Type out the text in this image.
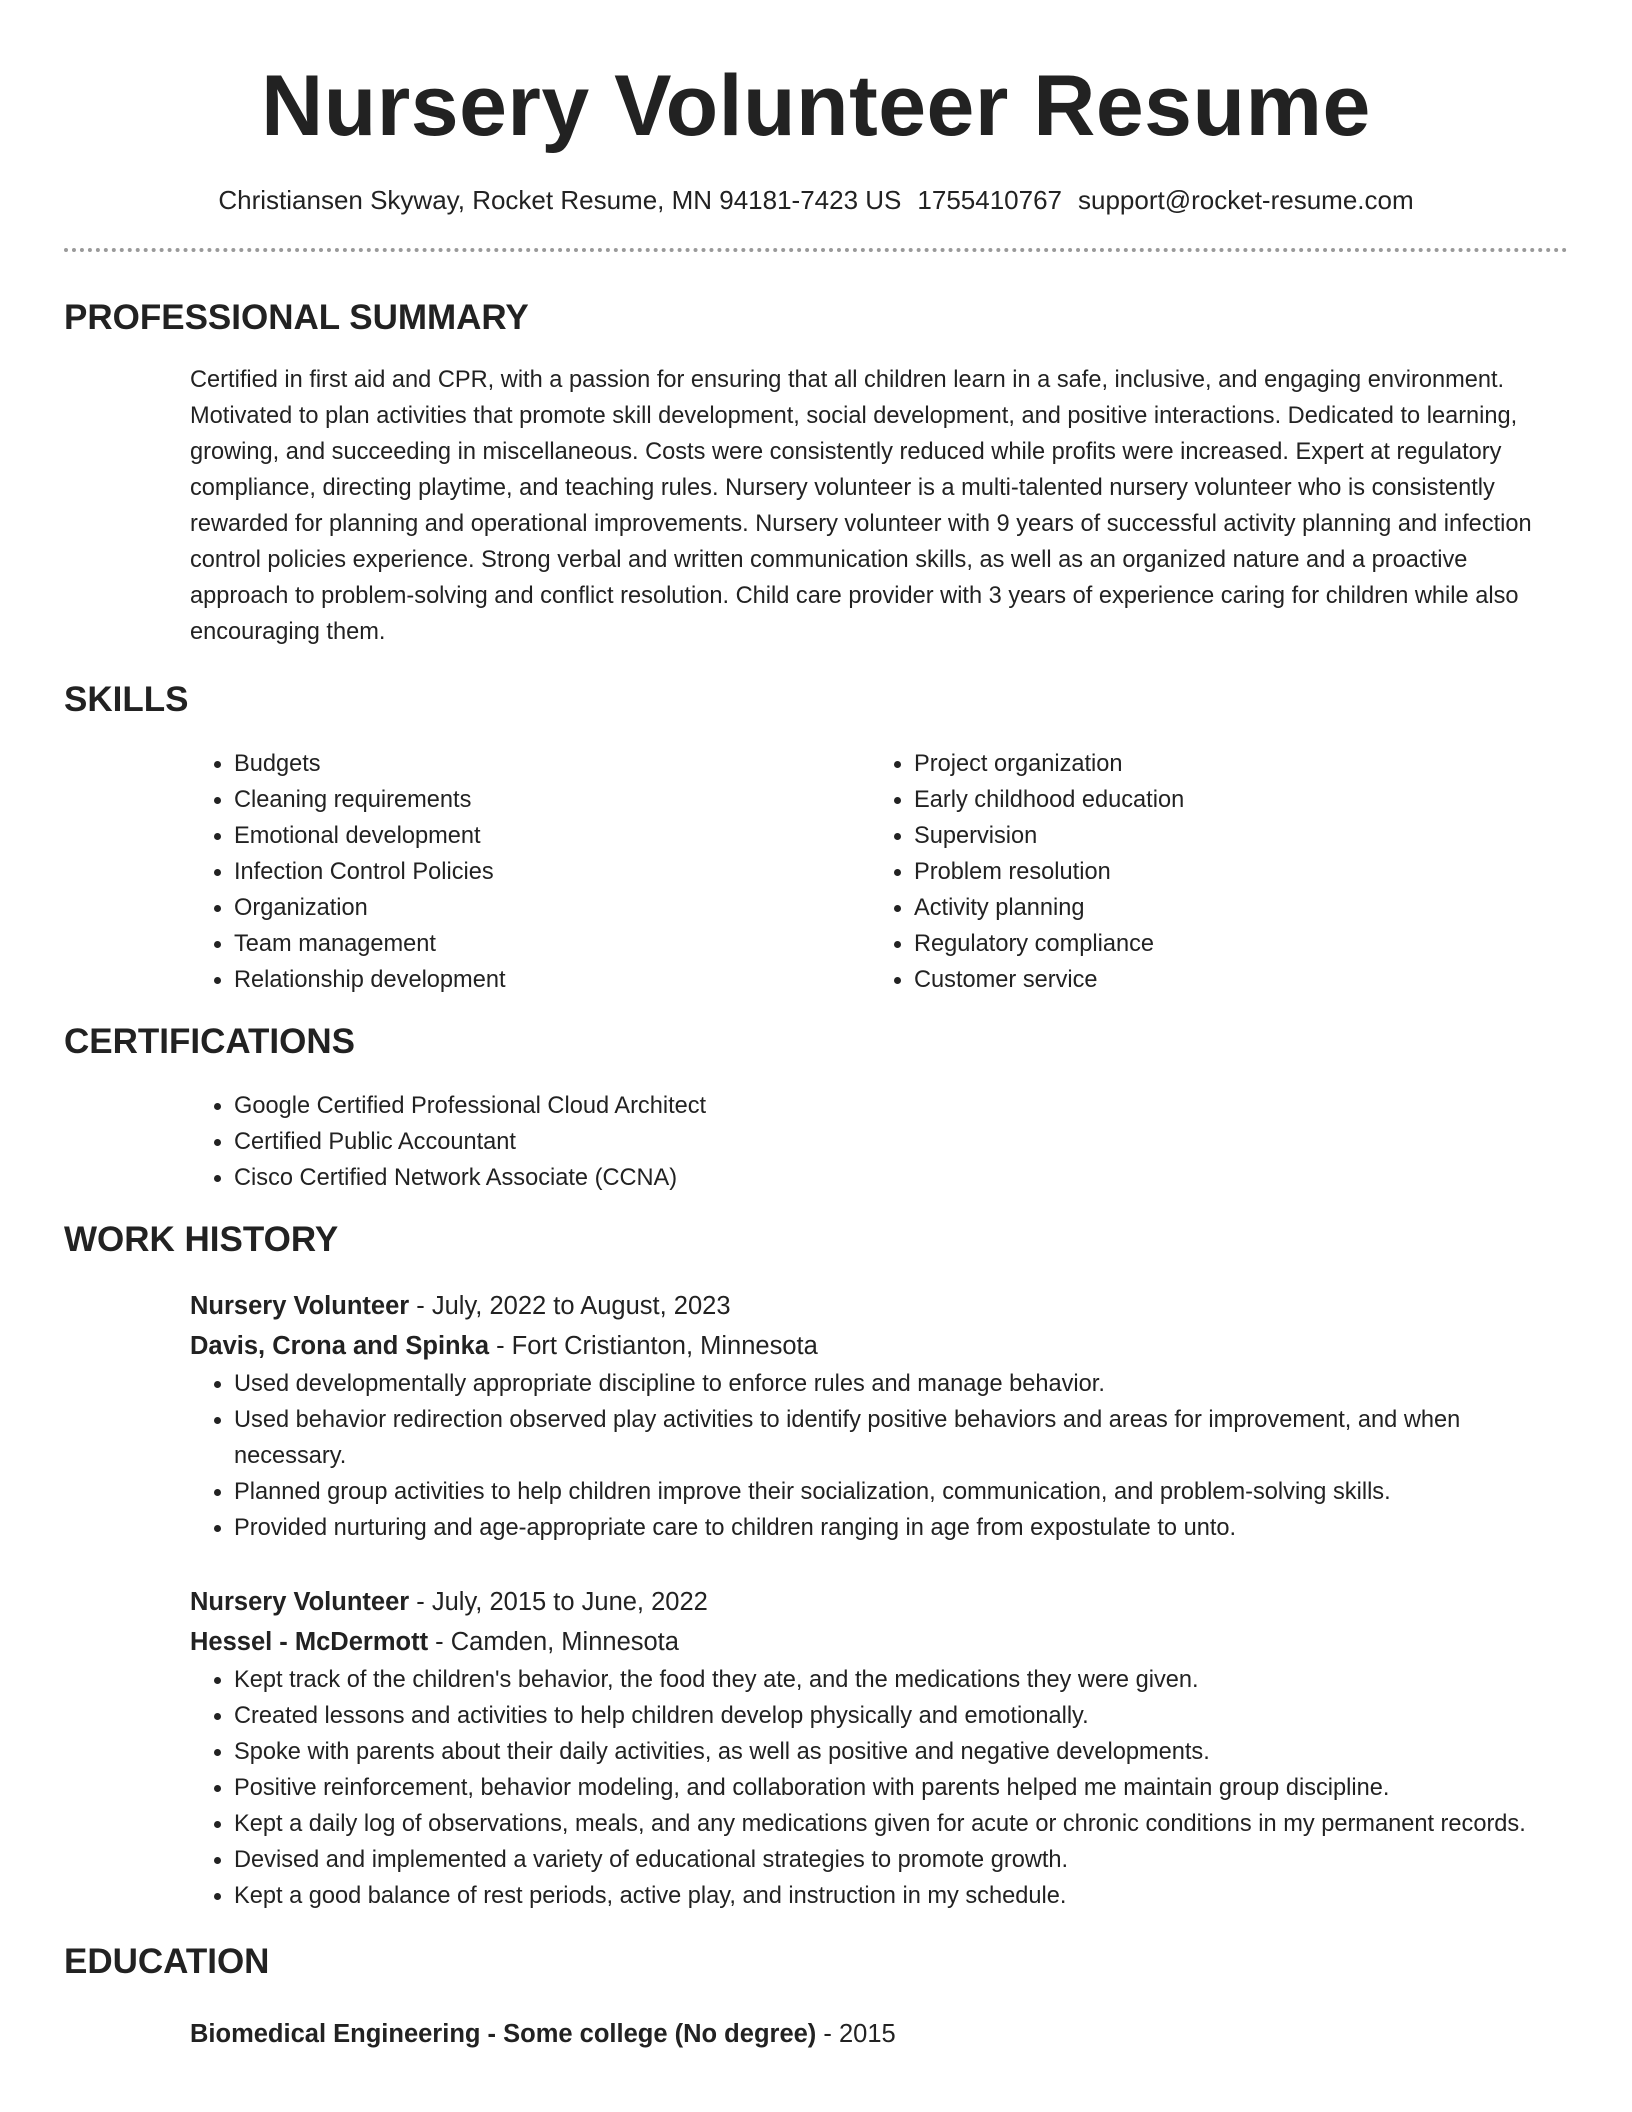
Nursery Volunteer Resume
Christiansen Skyway, Rocket Resume, MN 94181-7423 US 1755410767 support@rocket-resume.com
PROFESSIONAL SUMMARY
Certified in first aid and CPR, with a passion for ensuring that all children learn in a safe, inclusive, and engaging environment. Motivated to plan activities that promote skill development, social development, and positive interactions. Dedicated to learning, growing, and succeeding in miscellaneous. Costs were consistently reduced while profits were increased. Expert at regulatory compliance, directing playtime, and teaching rules. Nursery volunteer is a multi-talented nursery volunteer who is consistently rewarded for planning and operational improvements. Nursery volunteer with 9 years of successful activity planning and infection control policies experience. Strong verbal and written communication skills, as well as an organized nature and a proactive approach to problem-solving and conflict resolution. Child care provider with 3 years of experience caring for children while also encouraging them.
SKILLS
• Budgets
• Cleaning requirements
• Emotional development
• Infection Control Policies
• Organization
• Team management
• Relationship development
• Project organization
• Early childhood education
• Supervision
• Problem resolution
• Activity planning
• Regulatory compliance
• Customer service
CERTIFICATIONS
• Google Certified Professional Cloud Architect
• Certified Public Accountant
• Cisco Certified Network Associate (CCNA)
WORK HISTORY
Nursery Volunteer - July, 2022 to August, 2023
Davis, Crona and Spinka - Fort Cristianton, Minnesota
• Used developmentally appropriate discipline to enforce rules and manage behavior.
• Used behavior redirection observed play activities to identify positive behaviors and areas for improvement, and when necessary.
• Planned group activities to help children improve their socialization, communication, and problem-solving skills.
• Provided nurturing and age-appropriate care to children ranging in age from expostulate to unto.
Nursery Volunteer - July, 2015 to June, 2022
Hessel - McDermott - Camden, Minnesota
• Kept track of the children's behavior, the food they ate, and the medications they were given.
• Created lessons and activities to help children develop physically and emotionally.
• Spoke with parents about their daily activities, as well as positive and negative developments.
• Positive reinforcement, behavior modeling, and collaboration with parents helped me maintain group discipline.
• Kept a daily log of observations, meals, and any medications given for acute or chronic conditions in my permanent records.
• Devised and implemented a variety of educational strategies to promote growth.
• Kept a good balance of rest periods, active play, and instruction in my schedule.
EDUCATION
Biomedical Engineering - Some college (No degree) - 2015
